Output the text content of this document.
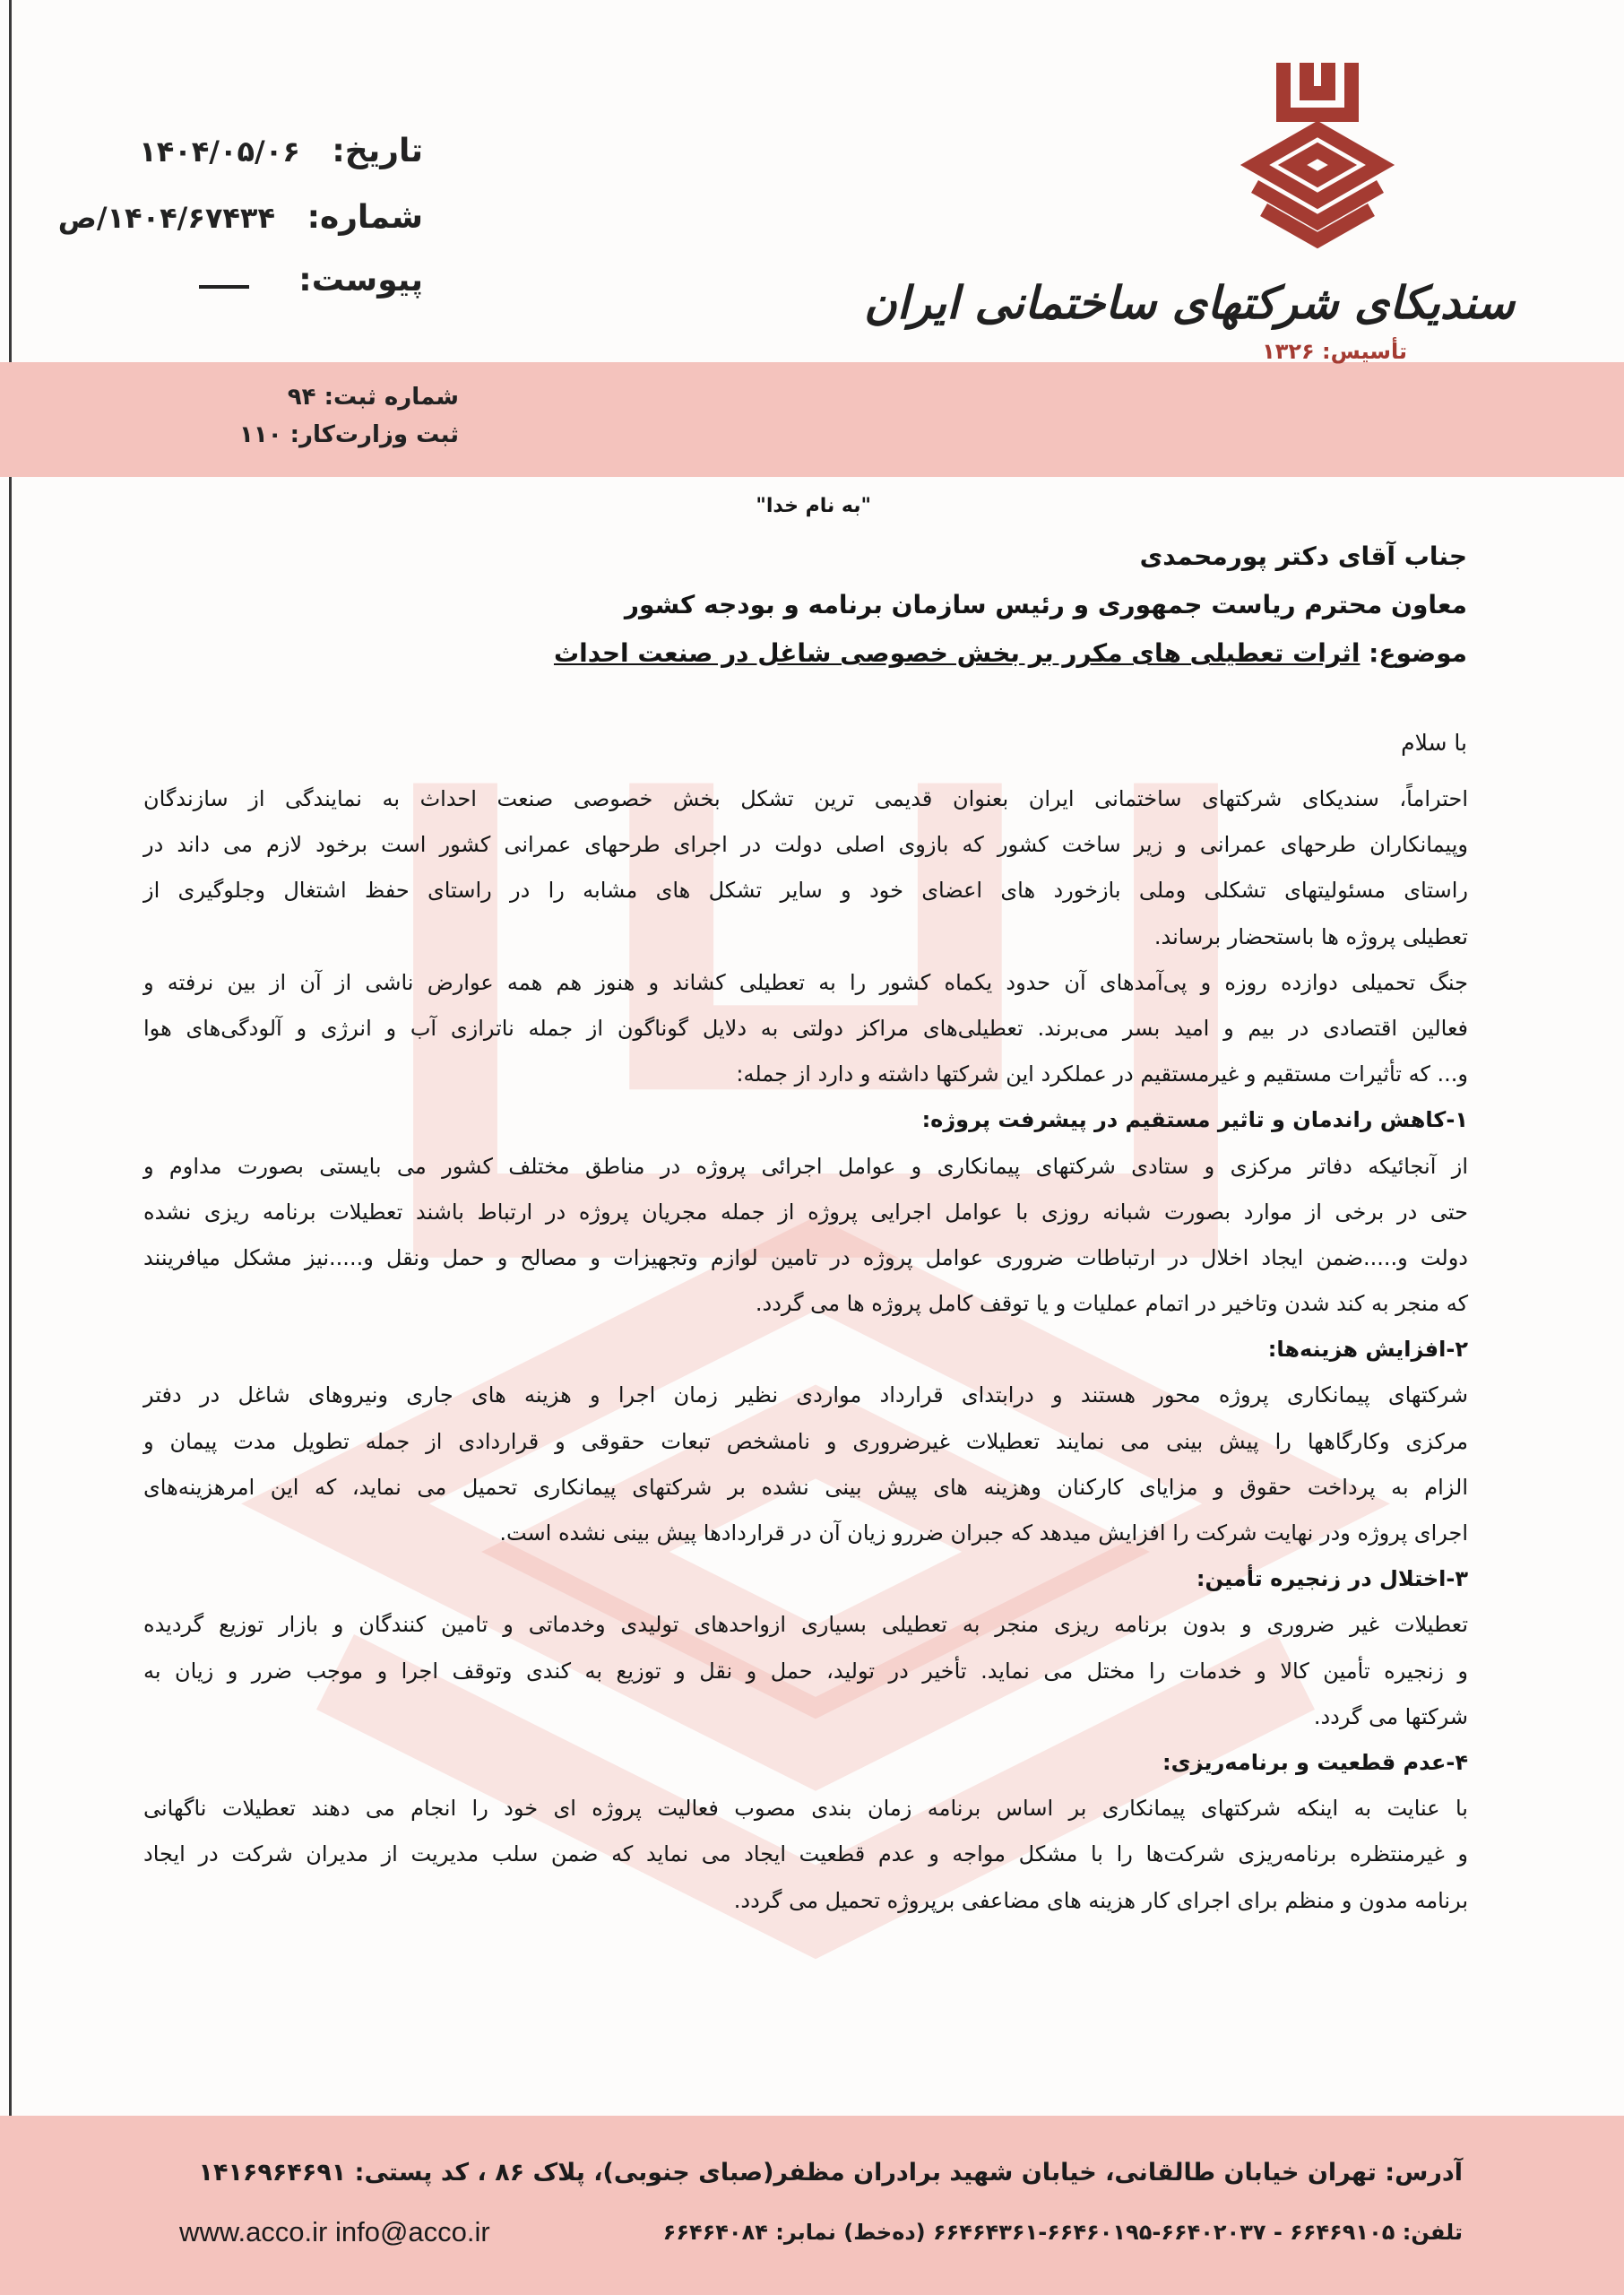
سندیکای شرکتهای ساختمانی ایران
تأسیس: ۱۳۲۶
تاریخ: ۱۴۰۴/۰۵/۰۶
شماره: ۱۴۰۴/۶۷۴۳۴/ص
پیوست:
شماره ثبت: ۹۴
ثبت وزارت‌کار: ۱۱۰
"به نام خدا"
جناب آقای دکتر پورمحمدی
معاون محترم ریاست جمهوری و رئیس سازمان برنامه و بودجه کشور
موضوع: اثرات تعطیلی های مکرر بر بخش خصوصی شاغل در صنعت احداث
با سلام
احتراماً، سندیکای شرکتهای ساختمانی ایران بعنوان قدیمی ترین تشکل بخش خصوصی صنعت احداث به نمایندگی از سازندگان
وپیمانکاران طرحهای عمرانی و زیر ساخت کشور که بازوی اصلی دولت در اجرای طرحهای عمرانی کشور است برخود لازم می داند در
راستای مسئولیتهای تشکلی وملی بازخورد های اعضای خود و سایر تشکل های مشابه را در راستای حفظ اشتغال وجلوگیری از
تعطیلی پروژه ها باستحضار برساند.
جنگ تحمیلی دوازده روزه و پی‌آمدهای آن حدود یکماه کشور را به تعطیلی کشاند و هنوز هم همه عوارض ناشی از آن از بین نرفته و
فعالین اقتصادی در بیم و امید بسر می‌برند. تعطیلی‌های مراکز دولتی به دلایل گوناگون از جمله ناترازی آب و انرژی و آلودگی‌های هوا
و... که تأثیرات مستقیم و غیرمستقیم در عملکرد این شرکتها داشته و دارد از جمله:
۱-کاهش راندمان و تاثیر مستقیم در پیشرفت پروژه:
از آنجائیکه دفاتر مرکزی و ستادی شرکتهای پیمانکاری و عوامل اجرائی پروژه در مناطق مختلف کشور می بایستی بصورت مداوم و
حتی در برخی از موارد بصورت شبانه روزی با عوامل اجرایی پروژه از جمله مجریان پروژه در ارتباط باشند تعطیلات برنامه ریزی نشده
دولت و.....ضمن ایجاد اخلال در ارتباطات ضروری عوامل پروژه در تامین لوازم وتجهیزات و مصالح و حمل ونقل و.....نیز مشکل میافرینند
که منجر به کند شدن وتاخیر در اتمام عملیات و یا توقف کامل پروژه ها می گردد.
۲-افزایش هزینه‌ها:
شرکتهای پیمانکاری پروژه محور هستند و درابتدای قرارداد مواردی نظیر زمان اجرا و هزینه های جاری ونیروهای شاغل در دفتر
مرکزی وکارگاهها را پیش بینی می نمایند تعطیلات غیرضروری و نامشخص تبعات حقوقی و قراردادی از جمله تطویل مدت پیمان و
الزام به پرداخت حقوق و مزایای کارکنان وهزینه های پیش بینی نشده بر شرکتهای پیمانکاری تحمیل می نماید، که این امرهزینه‌های
اجرای پروژه ودر نهایت شرکت را افزایش میدهد که جبران ضررو زیان آن در قراردادها پیش بینی نشده است.
۳-اختلال در زنجیره تأمین:
تعطیلات غیر ضروری و بدون برنامه ریزی منجر به تعطیلی بسیاری ازواحدهای تولیدی وخدماتی و تامین کنندگان و بازار توزیع گردیده
و زنجیره تأمین کالا و خدمات را مختل می نماید. تأخیر در تولید، حمل و نقل و توزیع به کندی وتوقف اجرا و موجب ضرر و زیان به
شرکتها می گردد.
۴-عدم قطعیت و برنامه‌ریزی:
با عنایت به اینکه شرکتهای پیمانکاری بر اساس برنامه زمان بندی مصوب فعالیت پروژه ای خود را انجام می دهند تعطیلات ناگهانی
و غیرمنتظره برنامه‌ریزی شرکت‌ها را با مشکل مواجه و عدم قطعیت ایجاد می نماید که ضمن سلب مدیریت از مدیران شرکت در ایجاد
برنامه مدون و منظم برای اجرای کار هزینه های مضاعفی برپروژه تحمیل می گردد.
آدرس: تهران خیابان طالقانی، خیابان شهید برادران مظفر(صبای جنوبی)، پلاک ۸۶ ، کد پستی: ۱۴۱۶۹۶۴۶۹۱
تلفن: ۶۶۴۶۹۱۰۵ - ۶۶۴۰۲۰۳۷-۶۶۴۶۰۱۹۵-۶۶۴۶۴۳۶۱ (ده‌خط) نمابر: ۶۶۴۶۴۰۸۴
www.acco.ir info@acco.ir
